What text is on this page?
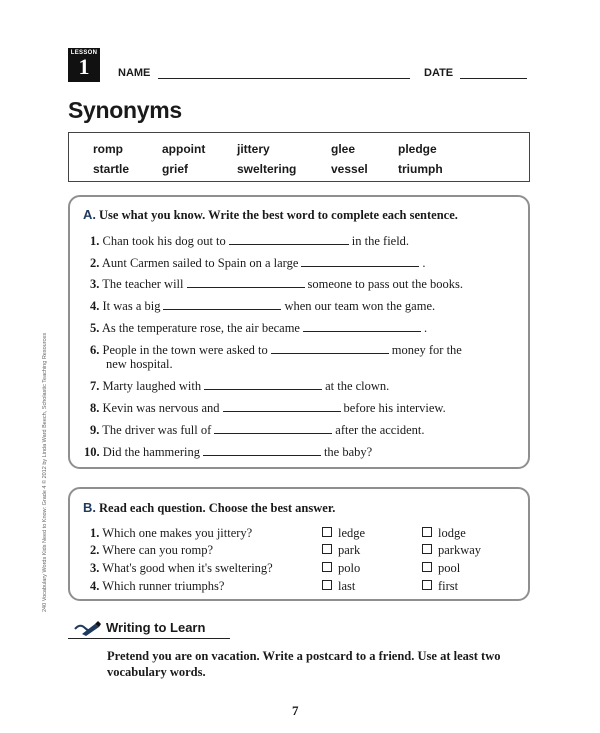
LESSON
1	NAME	DATE
Synonyms
romp	appoint	jittery	glee	pledge
startle	grief	sweltering	vessel	triumph
A. Use what you know. Write the best word to complete each sentence.
1. Chan took his dog out to	in the field.
2. Aunt Carmen sailed to Spain on a large	.
3. The teacher will	someone to pass out the books.
4. It was a big	when our team won the game.
5. As the temperature rose, the air became	.
6. People in the town were asked to	money for the
new hospital.
7. Marty laughed with	at the clown.
8. Kevin was nervous and	before his interview.
9. The driver was full of	after the accident.
10. Did the hammering	the baby?
B. Read each question. Choose the best answer.
1. Which one makes you jittery?	ledge	lodge
2. Where can you romp?	park	parkway
3. What's good when it's sweltering?	polo	pool
4. Which runner triumphs?	last	first
Writing to Learn
Pretend you are on vacation. Write a postcard to a friend. Use at least two vocabulary words.
7
240 Vocabulary Words Kids Need to Know: Grade 4 © 2012 by Linda Ward Beech, Scholastic Teaching Resources
